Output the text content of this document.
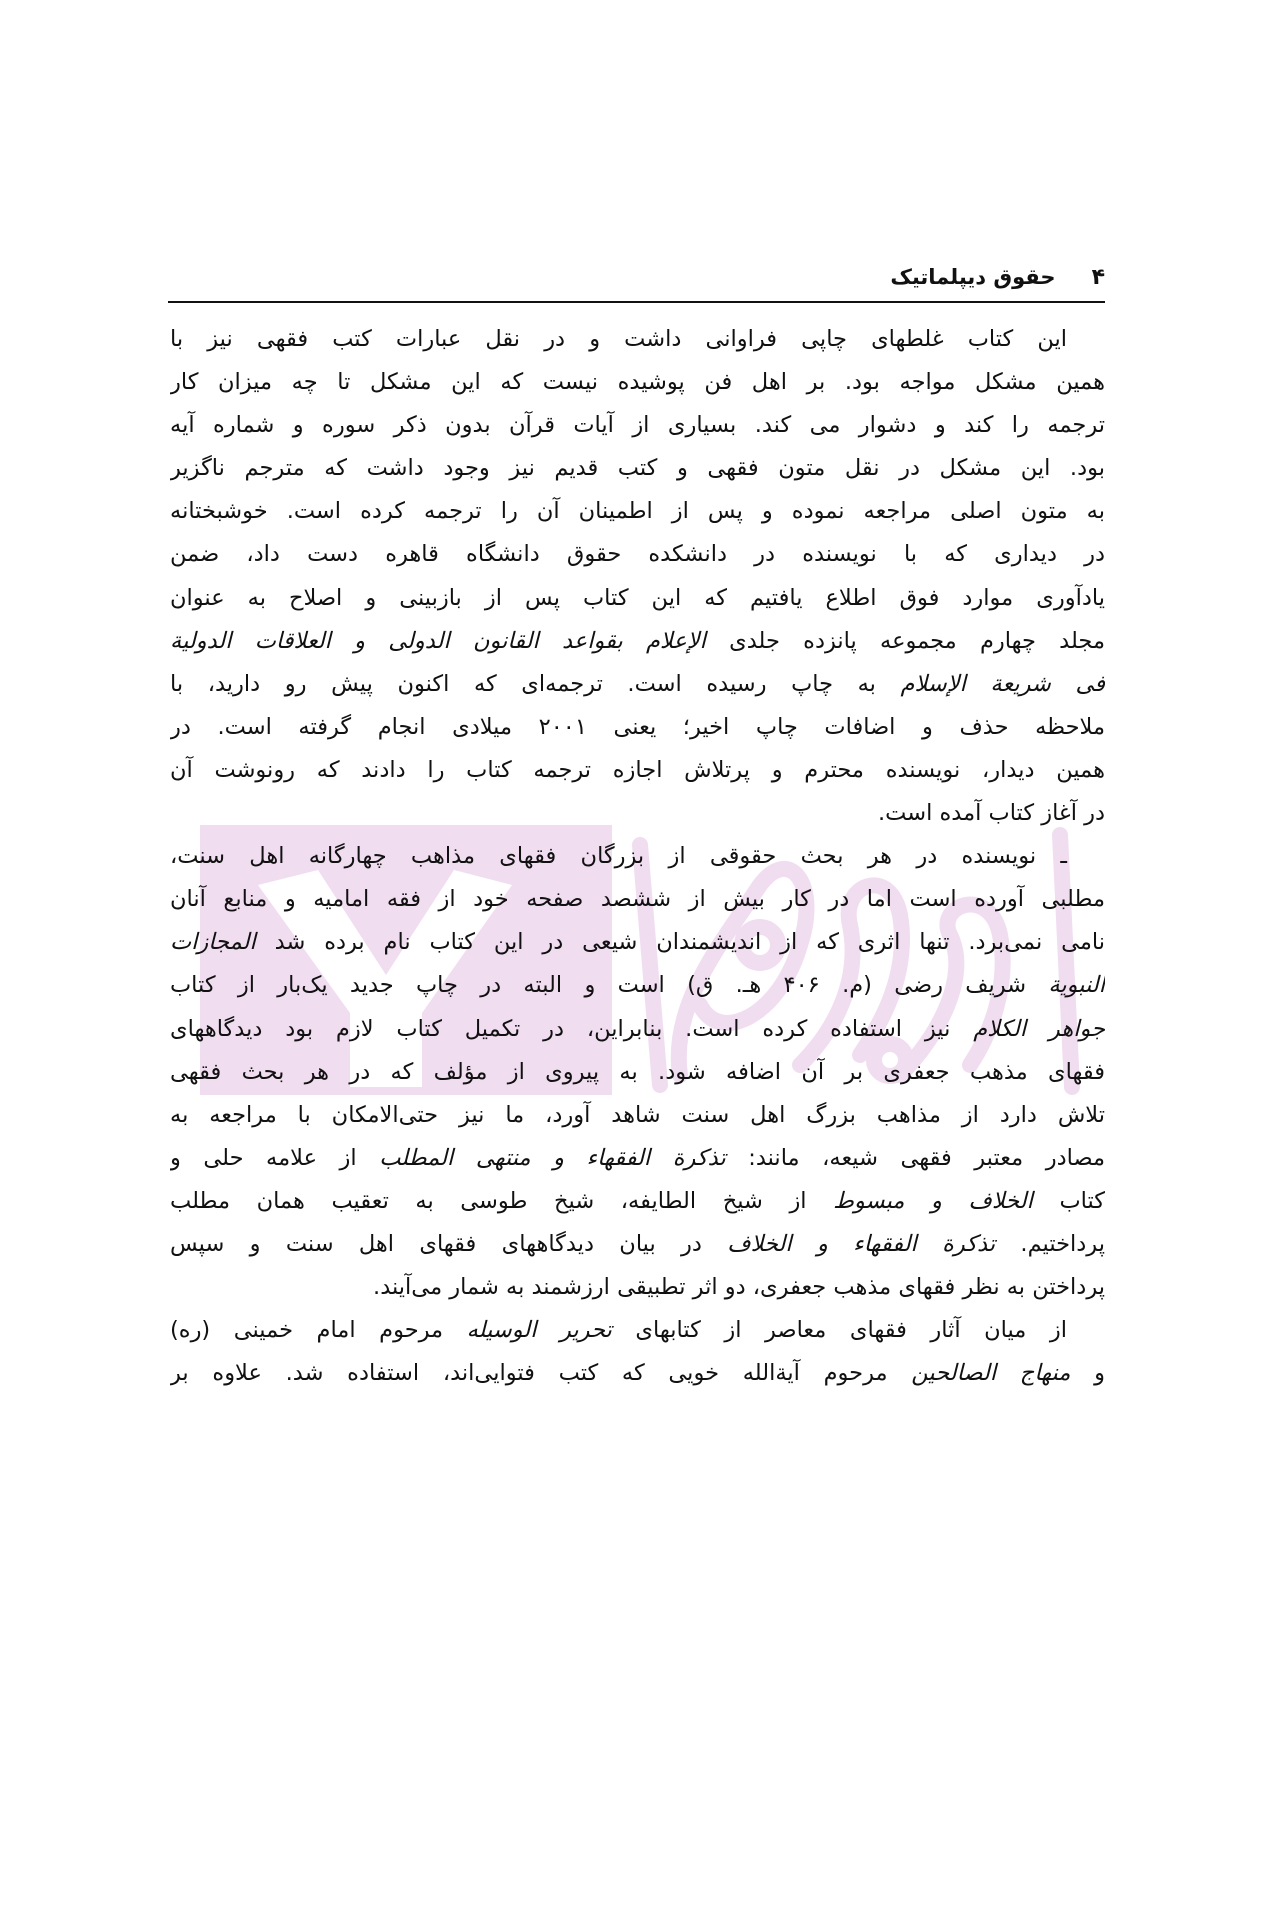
۴
حقوق دیپلماتیک
این کتاب غلطهای چاپی فراوانی داشت و در نقل عبارات کتب فقهی نیز با
همین مشکل مواجه بود. بر اهل فن پوشیده نیست که این مشکل تا چه میزان کار
ترجمه را کند و دشوار می کند. بسیاری از آیات قرآن بدون ذکر سوره و شماره آیه
بود. این مشکل در نقل متون فقهی و کتب قدیم نیز وجود داشت که مترجم ناگزیر
به متون اصلی مراجعه نموده و پس از اطمینان آن را ترجمه کرده است. خوشبختانه
در دیداری که با نویسنده در دانشکده حقوق دانشگاه قاهره دست داد، ضمن
یادآوری موارد فوق اطلاع یافتیم که این کتاب پس از بازبینی و اصلاح به عنوان
مجلد چهارم مجموعه پانزده جلدی الإعلام بقواعد القانون الدولی و العلاقات الدولیة
فی شریعة الإسلام به چاپ رسیده است. ترجمه‌ای که اکنون پیش رو دارید، با
ملاحظه حذف و اضافات چاپ اخیر؛ یعنی ۲۰۰۱ میلادی انجام گرفته است. در
همین دیدار، نویسنده محترم و پرتلاش اجازه ترجمه کتاب را دادند که رونوشت آن
در آغاز کتاب آمده است.
ـ نویسنده در هر بحث حقوقی از بزرگان فقهای مذاهب چهارگانه اهل سنت،
مطلبی آورده است اما در کار بیش از ششصد صفحه خود از فقه امامیه و منابع آنان
نامی نمی‌برد. تنها اثری که از اندیشمندان شیعی در این کتاب نام برده شد المجازات
النبویة شریف رضی (م. ۴۰۶ هـ. ق) است و البته در چاپ جدید یک‌بار از کتاب
جواهر الکلام نیز استفاده کرده است. بنابراین، در تکمیل کتاب لازم بود دیدگاههای
فقهای مذهب جعفری بر آن اضافه شود. به پیروی از مؤلف که در هر بحث فقهی
تلاش دارد از مذاهب بزرگ اهل سنت شاهد آورد، ما نیز حتی‌الامکان با مراجعه به
مصادر معتبر فقهی شیعه، مانند: تذکرة الفقهاء و منتهی المطلب از علامه حلی و
کتاب الخلاف و مبسوط از شیخ الطایفه، شیخ طوسی به تعقیب همان مطلب
پرداختیم. تذکرة الفقهاء و الخلاف در بیان دیدگاههای فقهای اهل سنت و سپس
پرداختن به نظر فقهای مذهب جعفری، دو اثر تطبیقی ارزشمند به شمار می‌آیند.
از میان آثار فقهای معاصر از کتابهای تحریر الوسیله مرحوم امام خمینی (ره)
و منهاج الصالحین مرحوم آیة‌الله خویی که کتب فتوایی‌اند، استفاده شد. علاوه بر
